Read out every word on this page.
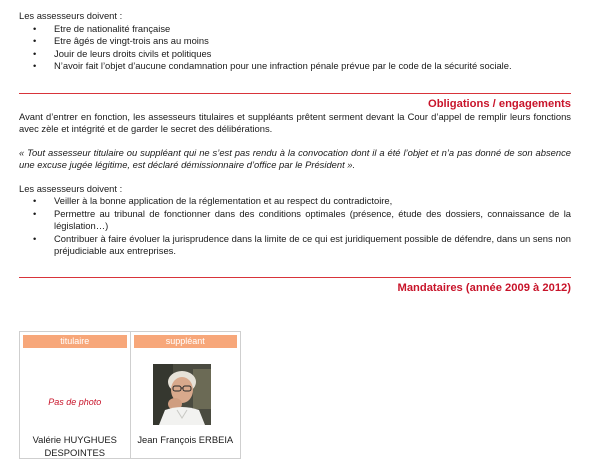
Les assesseurs doivent :

• Etre de nationalité française
• Etre âgés de vingt-trois ans au moins
• Jouir de leurs droits civils et politiques
• N’avoir fait l’objet d’aucune condamnation pour une infraction pénale prévue par le code de la sécurité sociale.
Obligations / engagements

Avant d’entrer en fonction, les assesseurs titulaires et suppléants prêtent serment devant la Cour d’appel de remplir leurs fonctions avec zèle et intégrité et de garder le secret des délibérations.

« Tout assesseur titulaire ou suppléant qui ne s’est pas rendu à la convocation dont il a été l’objet et n’a pas donné de son absence une excuse jugée légitime, est déclaré démissionnaire d’office par le Président ».

Les assesseurs doivent :

• Veiller à la bonne application de la réglementation et au respect du contradictoire,
• Permettre au tribunal de fonctionner dans des conditions optimales (présence, étude des dossiers, connaissance de la législation…)
• Contribuer à faire évoluer la jurisprudence dans la limite de ce qui est juridiquement possible de défendre, dans un sens non préjudiciable aux entreprises.
Mandataires (année 2009 à 2012)
titulaire
Pas de photo
Valérie HUYGHUES
DESPOINTES
suppléant
Jean François ERBEIA
